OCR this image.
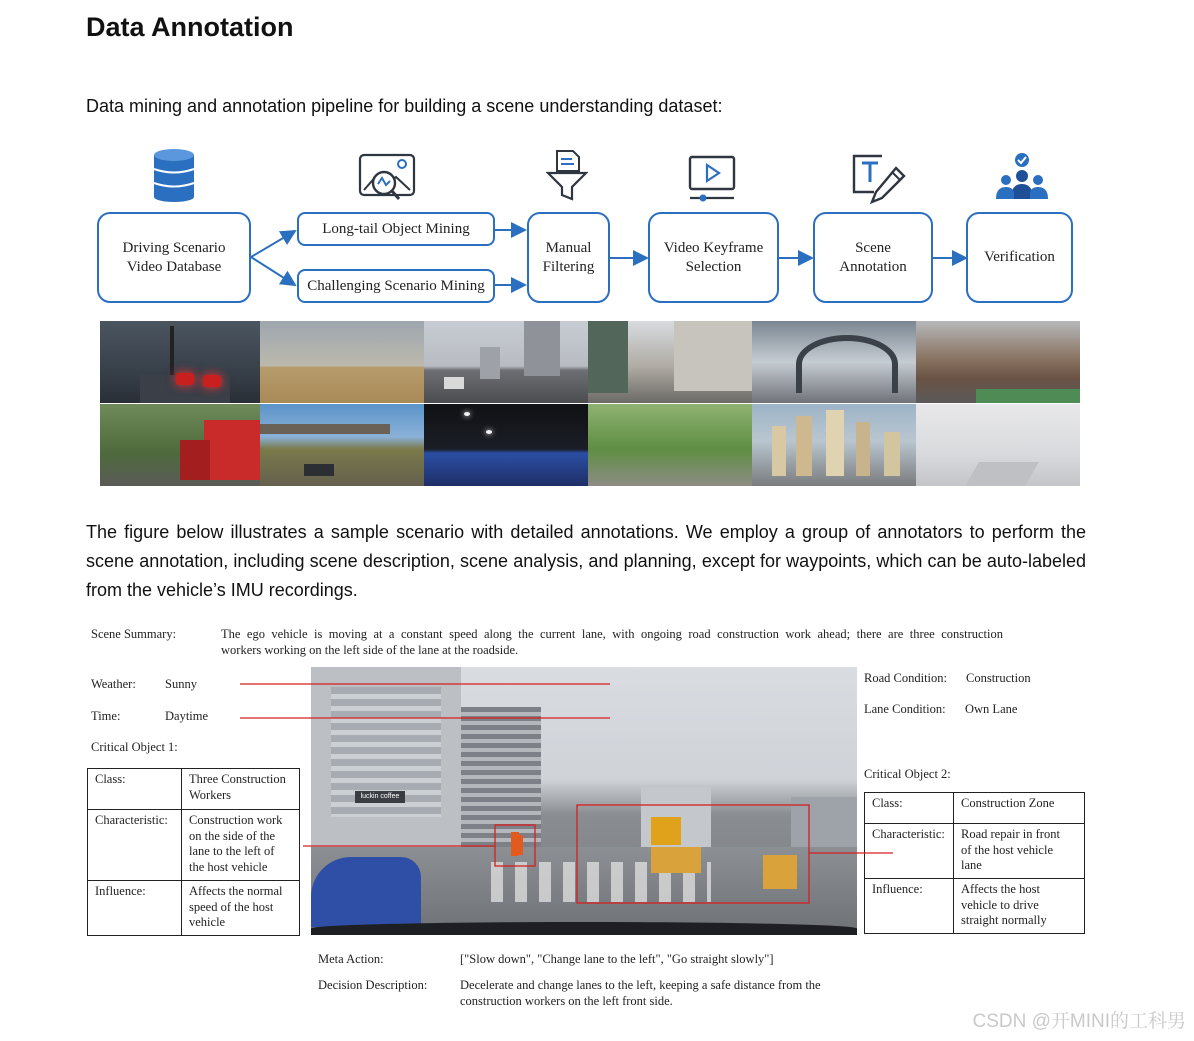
Data Annotation
Data mining and annotation pipeline for building a scene understanding dataset:
Driving Scenario
Video Database
Long-tail Object Mining
Challenging Scenario Mining
Manual
Filtering
Video Keyframe
Selection
Scene
Annotation
Verification
The figure below illustrates a sample scenario with detailed annotations. We employ a group of annotators to perform the scene annotation, including scene description, scene analysis, and planning, except for waypoints, which can be auto-labeled from the vehicle’s IMU recordings.
Scene Summary:	The ego vehicle is moving at a constant speed along the current lane, with ongoing road construction work ahead; there are three construction
workers working on the left side of the lane at the roadside.
Weather: Sunny
Time:	Daytime
Critical Object 1:
Road Condition: Construction
Lane Condition: Own Lane
Critical Object 2:
Class:	Three Construction
Workers

Characteristic:	Construction work
on the side of the
lane to the left of
the host vehicle

Influence:	Affects the normal
speed of the host
vehicle
Class:	Construction Zone

Characteristic:	Road repair in front
of the host vehicle
lane

Influence:	Affects the host
vehicle to drive
straight normally
luckin coffee
Meta Action:	["Slow down", "Change lane to the left", "Go straight slowly"]
Decision Description:	Decelerate and change lanes to the left, keeping a safe distance from the
construction workers on the left front side.
CSDN @开MINI的工科男
